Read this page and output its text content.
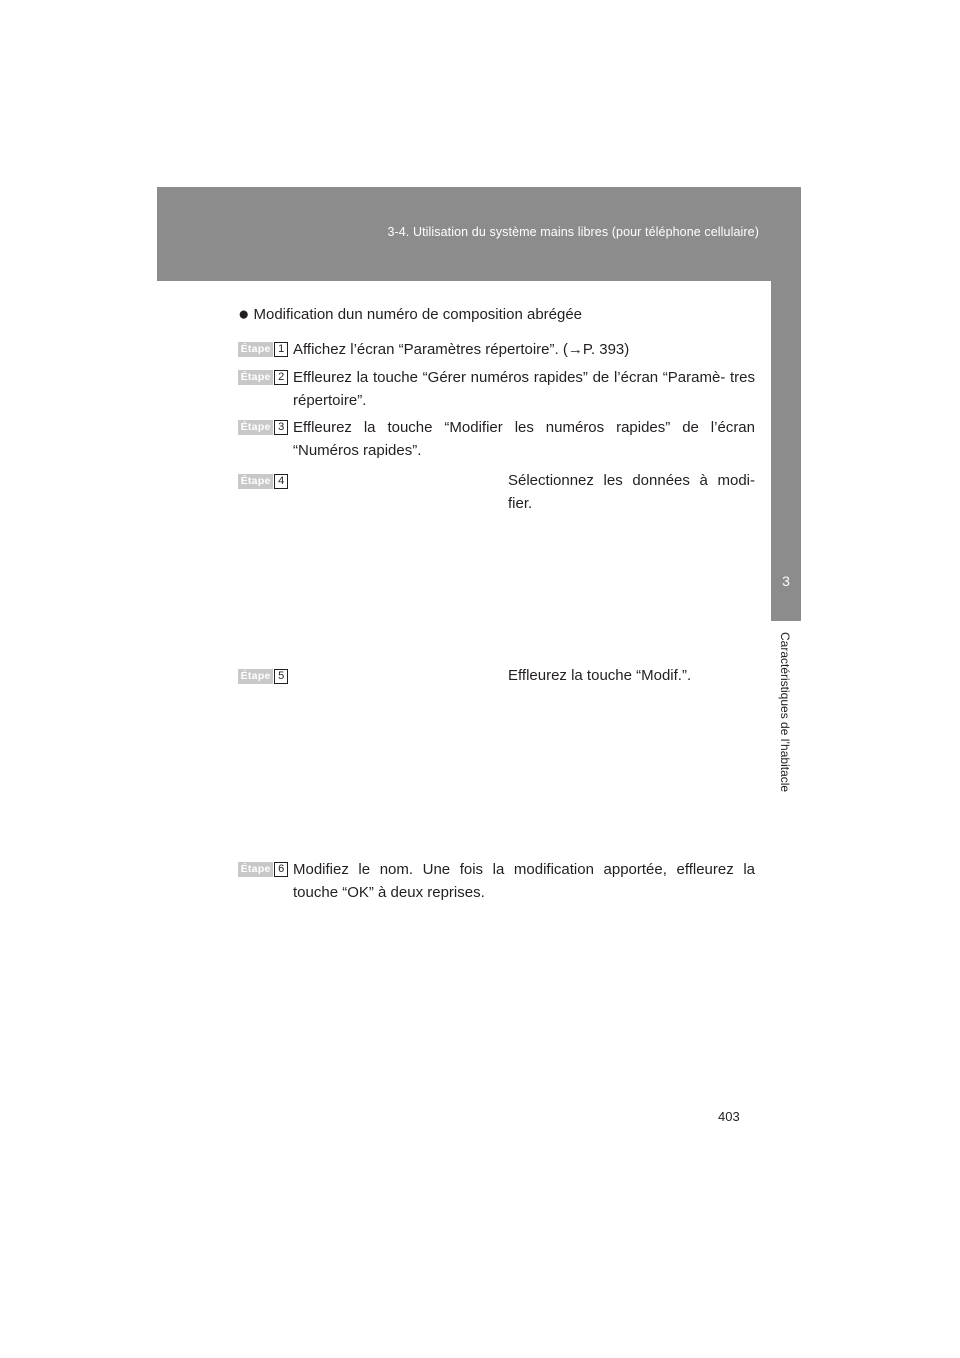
3-4. Utilisation du système mains libres (pour téléphone cellulaire)
3
Caractéristiques de l’habitacle
● Modification dun numéro de composition abrégée
Étape 1 Affichez l’écran “Paramètres répertoire”. (→P. 393)
Étape 2 Effleurez la touche “Gérer numéros rapides” de l’écran “Paramè- tres répertoire”.
Étape 3 Effleurez la touche “Modifier les numéros rapides” de l’écran “Numéros rapides”.
Étape 4	Sélectionnez les données à modi- fier.
Étape 5	Effleurez la touche “Modif.”.
Étape 6 Modifiez le nom. Une fois la modification apportée, effleurez la touche “OK” à deux reprises.
403
